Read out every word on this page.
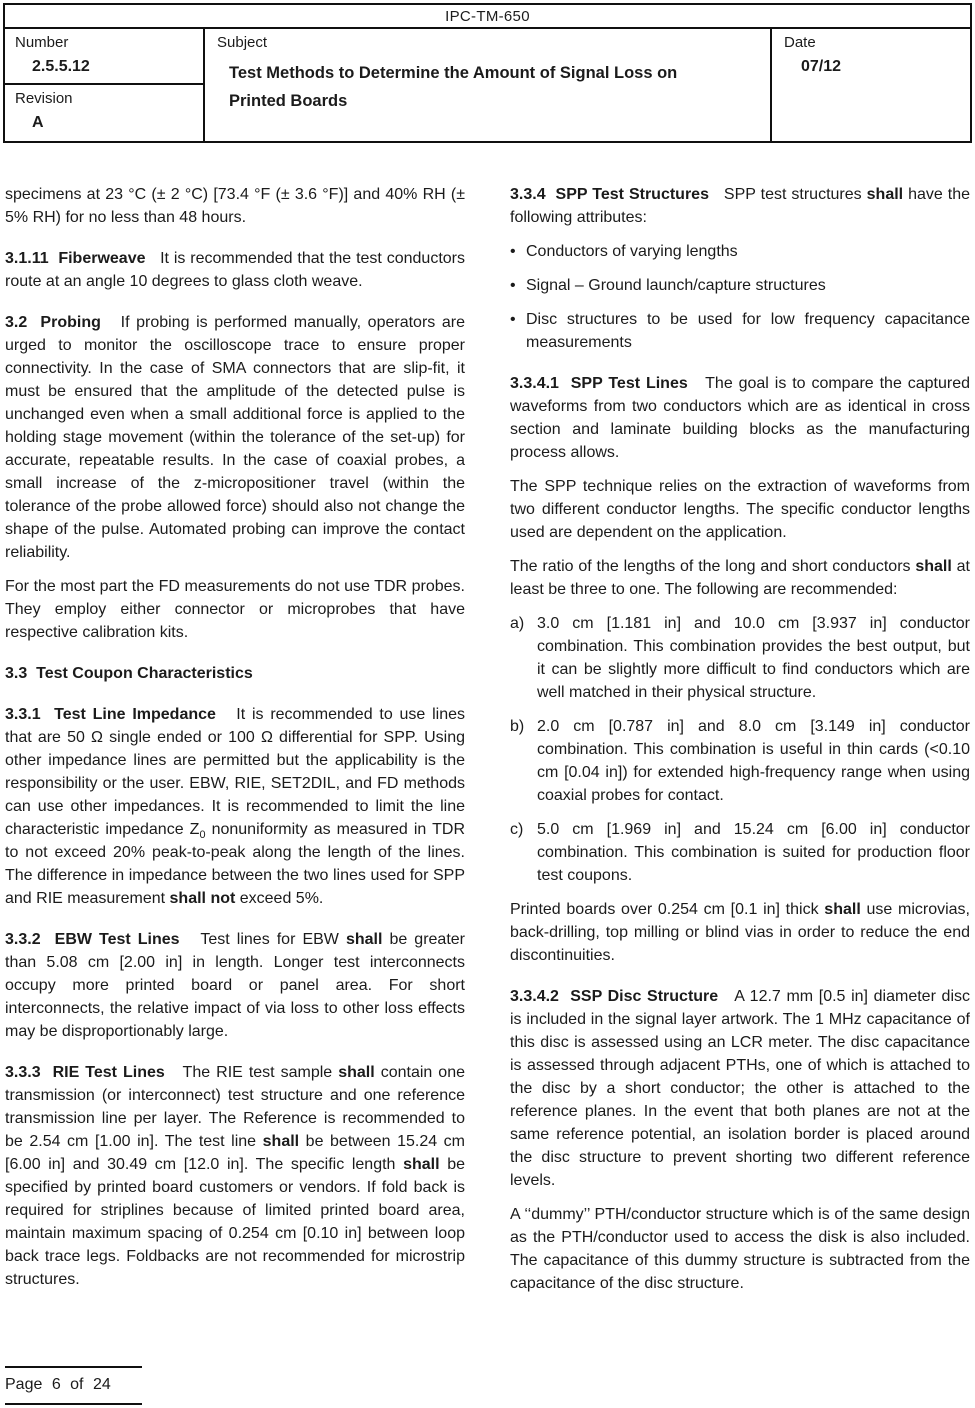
IPC-TM-650
Number
2.5.5.12
Revision
A
Subject
Test Methods to Determine the Amount of Signal Loss on Printed Boards
Date
07/12
specimens at 23 °C (± 2 °C) [73.4 °F (± 3.6 °F)] and 40% RH (± 5% RH) for no less than 48 hours.
3.1.11  Fiberweave   It is recommended that the test conductors route at an angle 10 degrees to glass cloth weave.
3.2  Probing   If probing is performed manually, operators are urged to monitor the oscilloscope trace to ensure proper connectivity. In the case of SMA connectors that are slip-fit, it must be ensured that the amplitude of the detected pulse is unchanged even when a small additional force is applied to the holding stage movement (within the tolerance of the set-up) for accurate, repeatable results. In the case of coaxial probes, a small increase of the z-micropositioner travel (within the tolerance of the probe allowed force) should also not change the shape of the pulse. Automated probing can improve the contact reliability.
For the most part the FD measurements do not use TDR probes. They employ either connector or microprobes that have respective calibration kits.
3.3  Test Coupon Characteristics
3.3.1  Test Line Impedance   It is recommended to use lines that are 50 Ω single ended or 100 Ω differential for SPP. Using other impedance lines are permitted but the applicability is the responsibility or the user. EBW, RIE, SET2DIL, and FD methods can use other impedances. It is recommended to limit the line characteristic impedance $Z_0$ nonuniformity as measured in TDR to not exceed 20% peak-to-peak along the length of the lines. The difference in impedance between the two lines used for SPP and RIE measurement shall not exceed 5%.
3.3.2  EBW Test Lines   Test lines for EBW shall be greater than 5.08 cm [2.00 in] in length. Longer test interconnects occupy more printed board or panel area. For short interconnects, the relative impact of via loss to other loss effects may be disproportionably large.
3.3.3  RIE Test Lines   The RIE test sample shall contain one transmission (or interconnect) test structure and one reference transmission line per layer. The Reference is recommended to be 2.54 cm [1.00 in]. The test line shall be between 15.24 cm [6.00 in] and 30.49 cm [12.0 in]. The specific length shall be specified by printed board customers or vendors. If fold back is required for striplines because of limited printed board area, maintain maximum spacing of 0.254 cm [0.10 in] between loop back trace legs. Foldbacks are not recommended for microstrip structures.
3.3.4  SPP Test Structures   SPP test structures shall have the following attributes:
• Conductors of varying lengths
• Signal – Ground launch/capture structures
• Disc structures to be used for low frequency capacitance measurements
3.3.4.1  SPP Test Lines   The goal is to compare the captured waveforms from two conductors which are as identical in cross section and laminate building blocks as the manufacturing process allows.
The SPP technique relies on the extraction of waveforms from two different conductor lengths. The specific conductor lengths used are dependent on the application.
The ratio of the lengths of the long and short conductors shall at least be three to one. The following are recommended:
a) 3.0 cm [1.181 in] and 10.0 cm [3.937 in] conductor combination. This combination provides the best output, but it can be slightly more difficult to find conductors which are well matched in their physical structure.
b) 2.0 cm [0.787 in] and 8.0 cm [3.149 in] conductor combination. This combination is useful in thin cards (<0.10 cm [0.04 in]) for extended high-frequency range when using coaxial probes for contact.
c) 5.0 cm [1.969 in] and 15.24 cm [6.00 in] conductor combination. This combination is suited for production floor test coupons.
Printed boards over 0.254 cm [0.1 in] thick shall use microvias, back-drilling, top milling or blind vias in order to reduce the end discontinuities.
3.3.4.2  SSP Disc Structure   A 12.7 mm [0.5 in] diameter disc is included in the signal layer artwork. The 1 MHz capacitance of this disc is assessed using an LCR meter. The disc capacitance is assessed through adjacent PTHs, one of which is attached to the disc by a short conductor; the other is attached to the reference planes. In the event that both planes are not at the same reference potential, an isolation border is placed around the disc structure to prevent shorting two different reference levels.
A ‘‘dummy’’ PTH/conductor structure which is of the same design as the PTH/conductor used to access the disk is also included. The capacitance of this dummy structure is subtracted from the capacitance of the disc structure.
Page 6 of 24
